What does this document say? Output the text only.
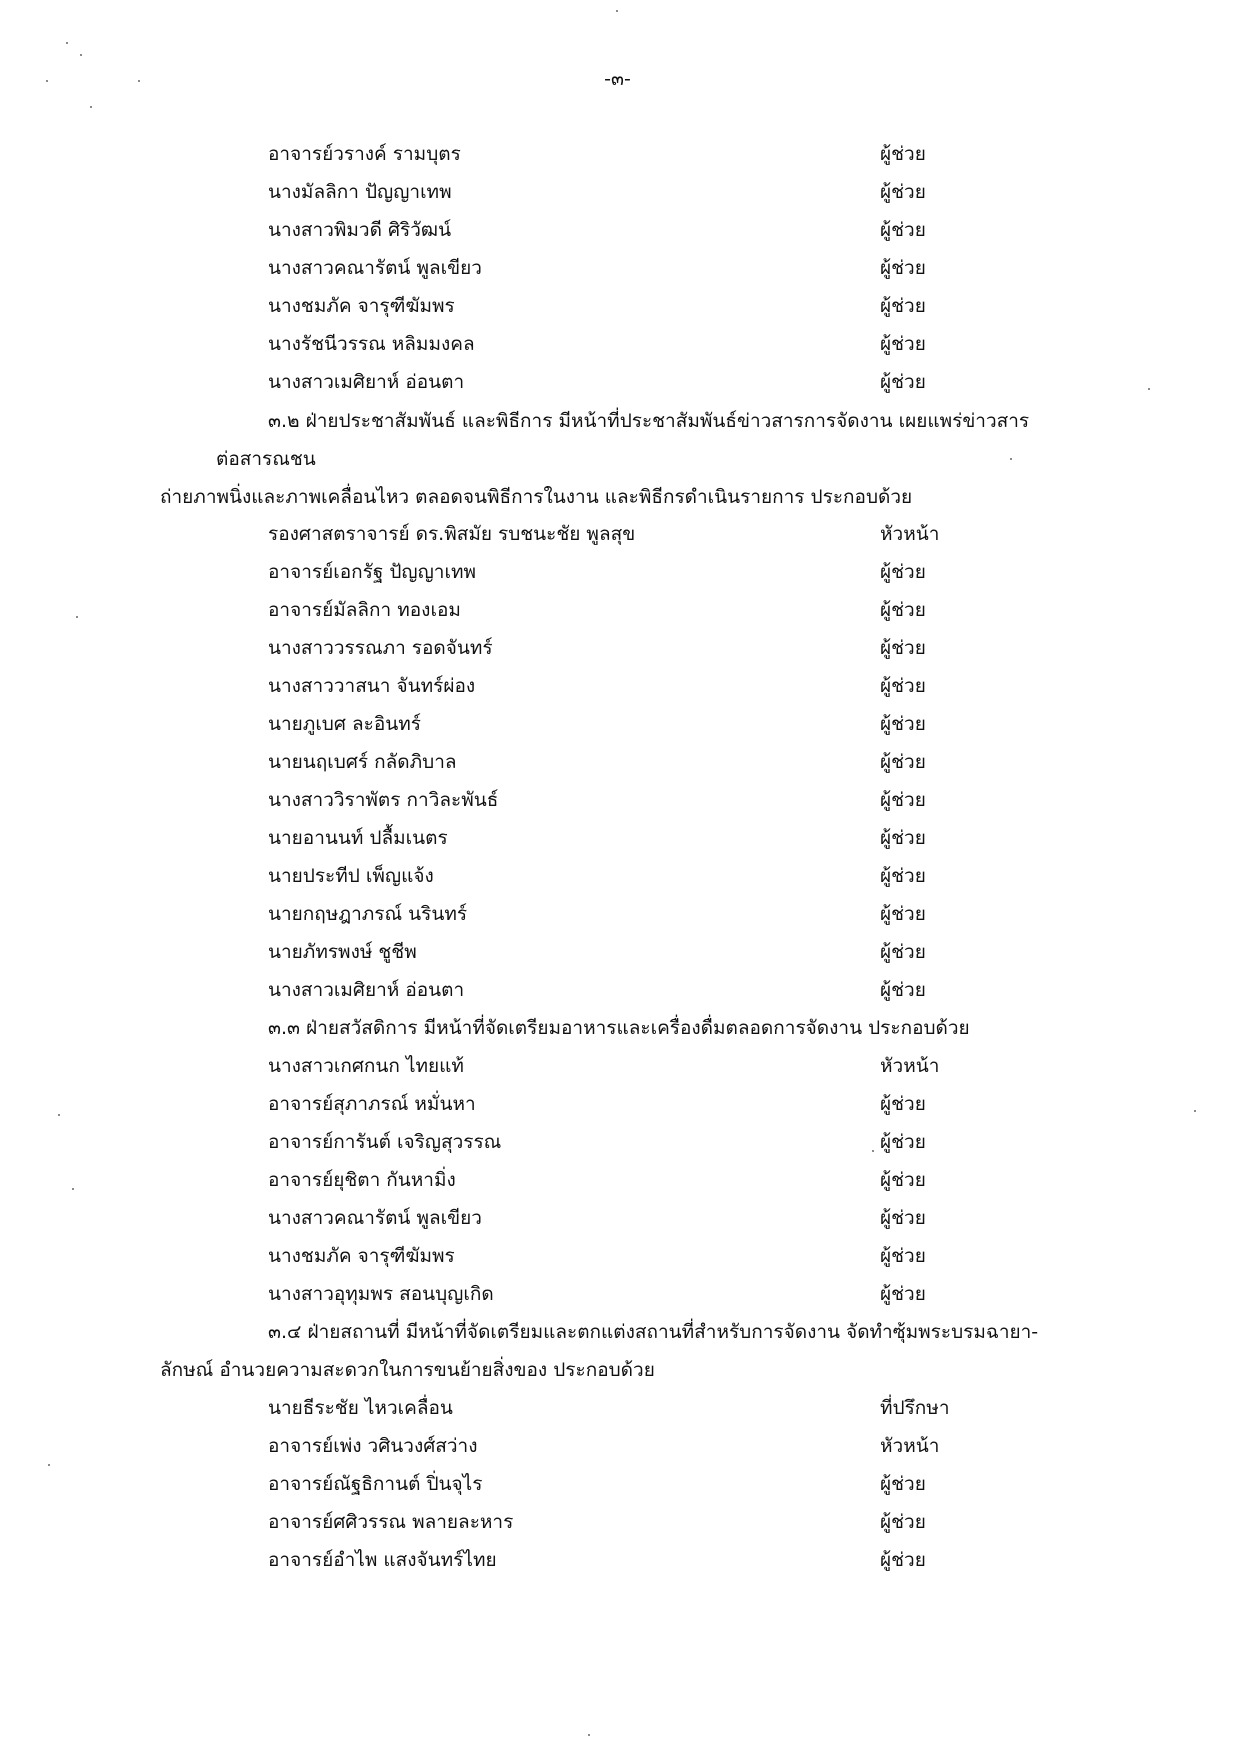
-๓-
อาจารย์วรางค์ รามบุตร	ผู้ช่วย
นางมัลลิกา ปัญญาเทพ	ผู้ช่วย
นางสาวพิมวดี ศิริวัฒน์	ผู้ช่วย
นางสาวคณารัตน์ พูลเขียว	ผู้ช่วย
นางชมภัค จารุฑีฆัมพร	ผู้ช่วย
นางรัชนีวรรณ หลิมมงคล	ผู้ช่วย
นางสาวเมศิยาห์ อ่อนตา	ผู้ช่วย
๓.๒ ฝ่ายประชาสัมพันธ์ และพิธีการ มีหน้าที่ประชาสัมพันธ์ข่าวสารการจัดงาน เผยแพร่ข่าวสาร
ต่อสารณชน
ถ่ายภาพนิ่งและภาพเคลื่อนไหว ตลอดจนพิธีการในงาน และพิธีกรดำเนินรายการ ประกอบด้วย
รองศาสตราจารย์ ดร.พิสมัย รบชนะชัย พูลสุข	หัวหน้า
อาจารย์เอกรัฐ ปัญญาเทพ	ผู้ช่วย
อาจารย์มัลลิกา ทองเอม	ผู้ช่วย
นางสาววรรณภา รอดจันทร์	ผู้ช่วย
นางสาววาสนา จันทร์ผ่อง	ผู้ช่วย
นายภูเบศ ละอินทร์	ผู้ช่วย
นายนฤเบศร์ กลัดภิบาล	ผู้ช่วย
นางสาววิราพัตร กาวิละพันธ์	ผู้ช่วย
นายอานนท์ ปลื้มเนตร	ผู้ช่วย
นายประทีป เพ็ญแจ้ง	ผู้ช่วย
นายกฤษฎาภรณ์ นรินทร์	ผู้ช่วย
นายภัทรพงษ์ ชูชีพ	ผู้ช่วย
นางสาวเมศิยาห์ อ่อนตา	ผู้ช่วย
๓.๓ ฝ่ายสวัสดิการ มีหน้าที่จัดเตรียมอาหารและเครื่องดื่มตลอดการจัดงาน ประกอบด้วย
นางสาวเกศกนก ไทยแท้	หัวหน้า
อาจารย์สุภาภรณ์ หมั่นหา	ผู้ช่วย
อาจารย์การันต์ เจริญสุวรรณ	ผู้ช่วย
อาจารย์ยุชิตา กันหามิ่ง	ผู้ช่วย
นางสาวคณารัตน์ พูลเขียว	ผู้ช่วย
นางชมภัค จารุฑีฆัมพร	ผู้ช่วย
นางสาวอุทุมพร สอนบุญเกิด	ผู้ช่วย
๓.๔ ฝ่ายสถานที่ มีหน้าที่จัดเตรียมและตกแต่งสถานที่สำหรับการจัดงาน จัดทำซุ้มพระบรมฉายา-
ลักษณ์ อำนวยความสะดวกในการขนย้ายสิ่งของ ประกอบด้วย
นายธีระชัย ไหวเคลื่อน	ที่ปรึกษา
อาจารย์เพ่ง วศินวงศ์สว่าง	หัวหน้า
อาจารย์ณัฐธิกานต์ ปิ่นจุไร	ผู้ช่วย
อาจารย์ศศิวรรณ พลายละหาร	ผู้ช่วย
อาจารย์อำไพ แสงจันทร์ไทย	ผู้ช่วย
